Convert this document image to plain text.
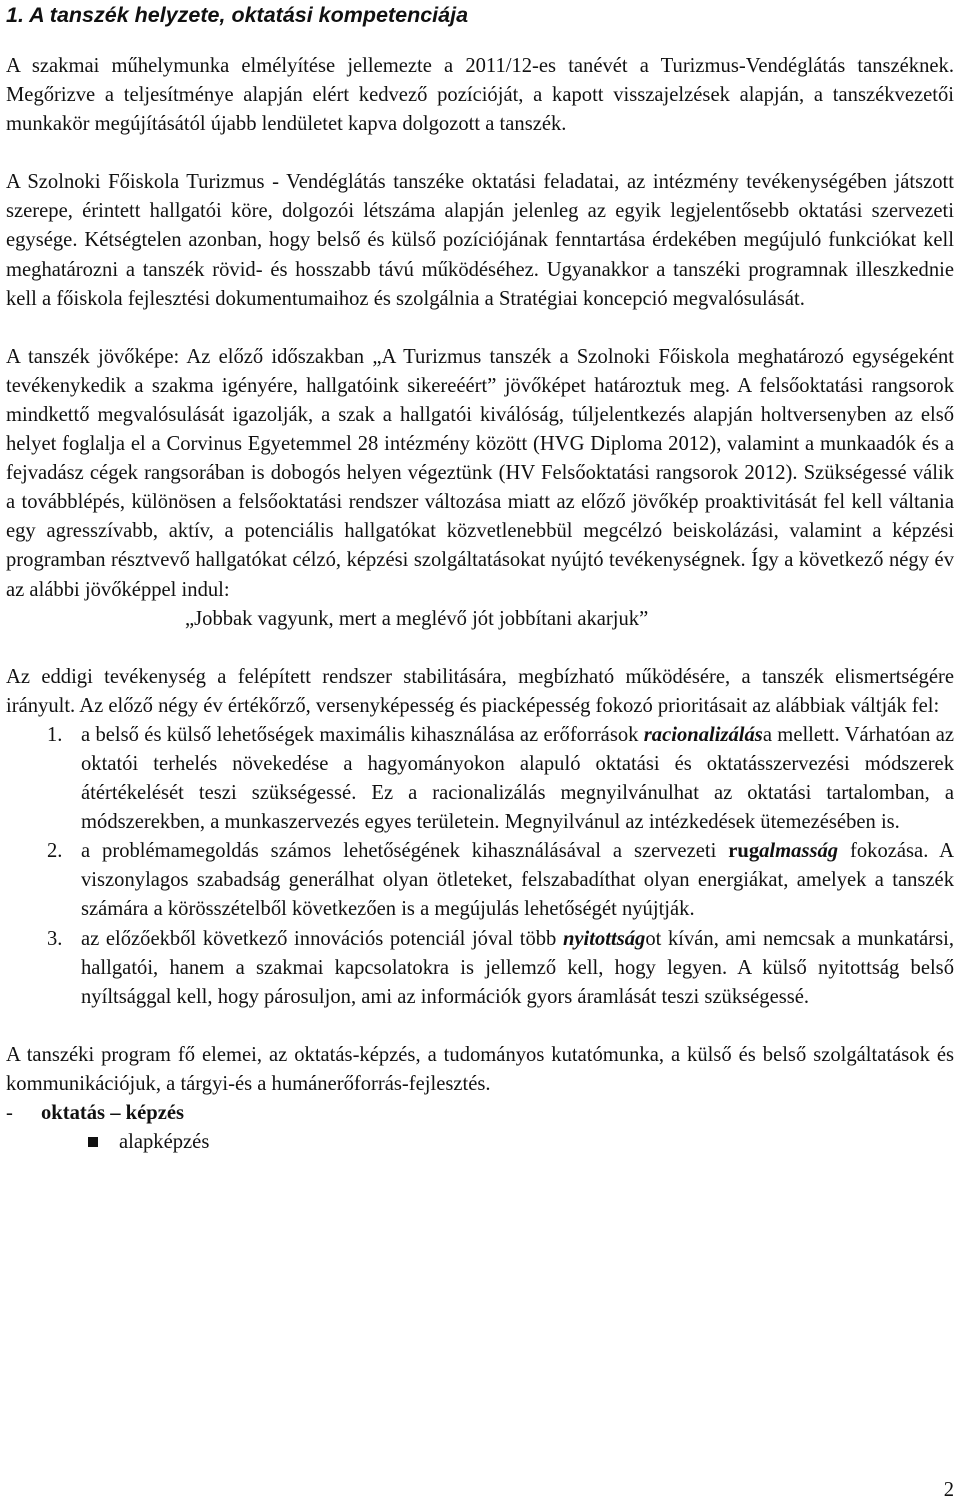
1. A tanszék helyzete, oktatási kompetenciája

A szakmai műhelymunka elmélyítése jellemezte a 2011/12-es tanévét a Turizmus-Vendéglátás tanszéknek. Megőrizve a teljesítménye alapján elért kedvező pozícióját, a kapott visszajelzések alapján, a tanszékvezetői munkakör megújításától újabb lendületet kapva dolgozott a tanszék.

A Szolnoki Főiskola Turizmus - Vendéglátás tanszéke oktatási feladatai, az intézmény tevékenységében játszott szerepe, érintett hallgatói köre, dolgozói létszáma alapján jelenleg az egyik legjelentősebb oktatási szervezeti egysége. Kétségtelen azonban, hogy belső és külső pozíciójának fenntartása érdekében megújuló funkciókat kell meghatározni a tanszék rövid- és hosszabb távú működéséhez. Ugyanakkor a tanszéki programnak illeszkednie kell a főiskola fejlesztési dokumentumaihoz és szolgálnia a Stratégiai koncepció megvalósulását.

A tanszék jövőképe: Az előző időszakban „A Turizmus tanszék a Szolnoki Főiskola meghatározó egységeként tevékenykedik a szakma igényére, hallgatóink sikereéért” jövőképet határoztuk meg. A felsőoktatási rangsorok mindkettő megvalósulását igazolják, a szak a hallgatói kiválóság, túljelentkezés alapján holtversenyben az első helyet foglalja el a Corvinus Egyetemmel 28 intézmény között (HVG Diploma 2012), valamint a munkaadók és a fejvadász cégek rangsorában is dobogós helyen végeztünk (HV Felsőoktatási rangsorok 2012). Szükségessé válik a továbblépés, különösen a felsőoktatási rendszer változása miatt az előző jövőkép proaktivitását fel kell váltania egy agresszívabb, aktív, a potenciális hallgatókat közvetlenebbül megcélzó beiskolázási, valamint a képzési programban résztvevő hallgatókat célzó, képzési szolgáltatásokat nyújtó tevékenységnek. Így a következő négy év az alábbi jövőképpel indul:

„Jobbak vagyunk, mert a meglévő jót jobbítani akarjuk”

Az eddigi tevékenység a felépített rendszer stabilitására, megbízható működésére, a tanszék elismertségére irányult. Az előző négy év értékőrző, versenyképesség és piacképesség fokozó prioritásait az alábbiak váltják fel:

1. a belső és külső lehetőségek maximális kihasználása az erőforrások racionalizálása mellett. Várhatóan az oktatói terhelés növekedése a hagyományokon alapuló oktatási és oktatásszervezési módszerek átértékelését teszi szükségessé. Ez a racionalizálás megnyilvánulhat az oktatási tartalomban, a módszerekben, a munkaszervezés egyes területein. Megnyilvánul az intézkedések ütemezésében is.
2. a problémamegoldás számos lehetőségének kihasználásával a szervezeti rugalmasság fokozása. A viszonylagos szabadság generálhat olyan ötleteket, felszabadíthat olyan energiákat, amelyek a tanszék számára a körösszételből következően is a megújulás lehetőségét nyújtják.
3. az előzőekből következő innovációs potenciál jóval több nyitottságot kíván, ami nemcsak a munkatársi, hallgatói, hanem a szakmai kapcsolatokra is jellemző kell, hogy legyen. A külső nyitottság belső nyíltsággal kell, hogy párosuljon, ami az információk gyors áramlását teszi szükségessé.

A tanszéki program fő elemei, az oktatás-képzés, a tudományos kutatómunka, a külső és belső szolgáltatások és kommunikációjuk, a tárgyi-és a humánerőforrás-fejlesztés.

- oktatás – képzés
alapképzés
2
